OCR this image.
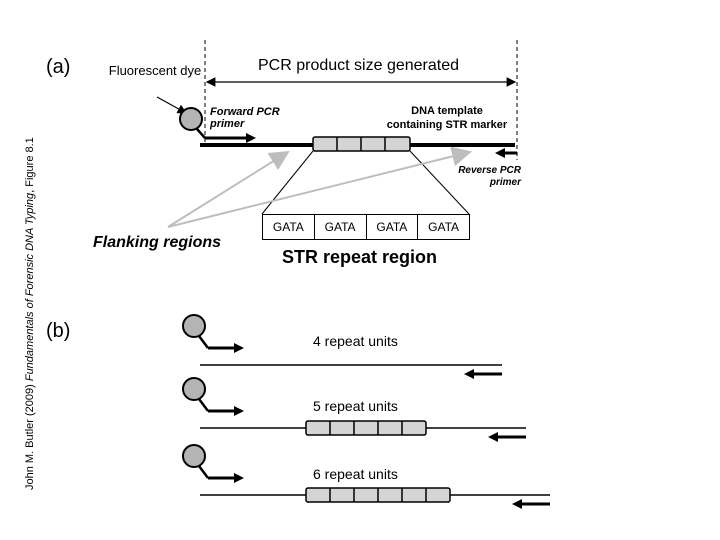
(a)	Fluorescent dye	PCR product size generated
Forward PCR primer
DNA template containing STR marker
Reverse PCR primer
GATA	GATA	GATA	GATA
Flanking regions
STR repeat region
(b)	4 repeat units
5 repeat units
6 repeat units
John M. Butler (2009) Fundamentals of Forensic DNA Typing, Figure 8.1
